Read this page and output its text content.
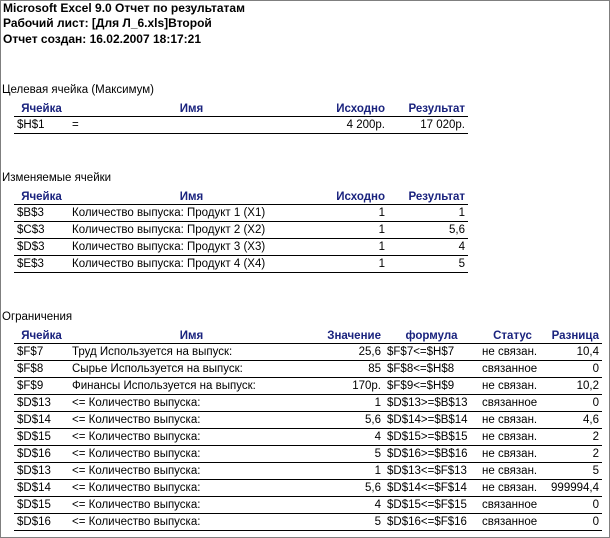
Microsoft Excel 9.0 Отчет по результатам
Рабочий лист: [Для Л_6.xls]Второй
Отчет создан: 16.02.2007 18:17:21
Целевая ячейка (Максимум)
Ячейка	Имя	Исходно	Результат
$H$1	=	4 200р.	17 020р.
Изменяемые ячейки
Ячейка	Имя	Исходно	Результат
$B$3	Количество выпуска: Продукт 1 (X1)	1	1
$C$3	Количество выпуска: Продукт 2 (X2)	1	5,6
$D$3	Количество выпуска: Продукт 3 (X3)	1	4
$E$3	Количество выпуска: Продукт 4 (X4)	1	5
Ограничения
Ячейка	Имя	Значение	формула	Статус	Разница
$F$7	Труд Используется на выпуск:	25,6	$F$7<=$H$7	не связан.	10,4
$F$8	Сырье Используется на выпуск:	85	$F$8<=$H$8	связанное	0
$F$9	Финансы Используется на выпуск:	170р.	$F$9<=$H$9	не связан.	10,2
$D$13	<= Количество выпуска:	1	$D$13>=$B$13	связанное	0
$D$14	<= Количество выпуска:	5,6	$D$14>=$B$14	не связан.	4,6
$D$15	<= Количество выпуска:	4	$D$15>=$B$15	не связан.	2
$D$16	<= Количество выпуска:	5	$D$16>=$B$16	не связан.	2
$D$13	<= Количество выпуска:	1	$D$13<=$F$13	не связан.	5
$D$14	<= Количество выпуска:	5,6	$D$14<=$F$14	не связан.	999994,4
$D$15	<= Количество выпуска:	4	$D$15<=$F$15	связанное	0
$D$16	<= Количество выпуска:	5	$D$16<=$F$16	связанное	0
